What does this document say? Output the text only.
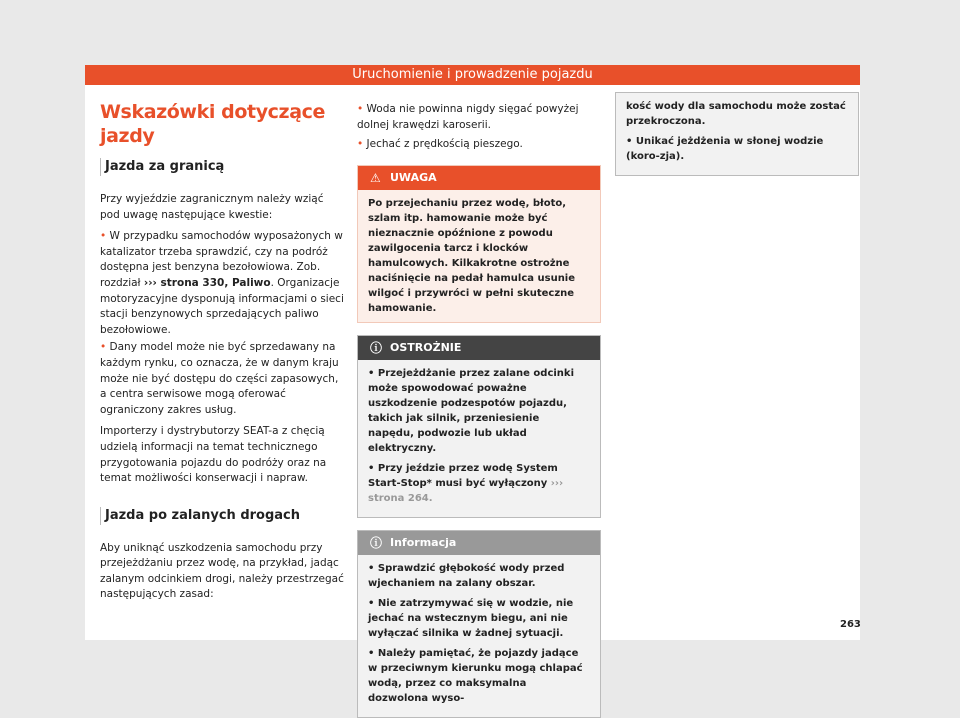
Uruchomienie i prowadzenie pojazdu
Wskazówki dotyczące jazdy
Jazda za granicą

Przy wyjeździe zagranicznym należy wziąć pod uwagę następujące kwestie:

• W przypadku samochodów wyposażonych w katalizator trzeba sprawdzić, czy na podróż dostępna jest benzyna bezołowiowa. Zob. rozdział ››› strona 330, Paliwo. Organizacje motoryzacyjne dysponują informacjami o sieci stacji benzynowych sprzedających paliwo bezołowiowe.

• Dany model może nie być sprzedawany na każdym rynku, co oznacza, że w danym kraju może nie być dostępu do części zapasowych, a centra serwisowe mogą oferować ograniczony zakres usług.

Importerzy i dystrybutorzy SEAT-a z chęcią udzielą informacji na temat technicznego przygotowania pojazdu do podróży oraz na temat możliwości konserwacji i napraw.

Jazda po zalanych drogach

Aby uniknąć uszkodzenia samochodu przy przejeżdżaniu przez wodę, na przykład, jadąc zalanym odcinkiem drogi, należy przestrzegać następujących zasad:

• Woda nie powinna nigdy sięgać powyżej dolnej krawędzi karoserii.

• Jechać z prędkością pieszego.

⚠ UWAGA
Po przejechaniu przez wodę, błoto, szlam itp. hamowanie może być nieznacznie opóźnione z powodu zawilgocenia tarcz i klocków hamulcowych. Kilkakrotne ostrożne naciśnięcie na pedał hamulca usunie wilgoć i przywróci w pełni skuteczne hamowanie.
ⓘ OSTROŻNIE

• Przejeżdżanie przez zalane odcinki może spowodować poważne uszkodzenie podzespotów pojazdu, takich jak silnik, przeniesienie napędu, podwozie lub układ elektryczny.

• Przy jeździe przez wodę System Start-Stop* musi być wyłączony ››› strona 264.

ⓘ Informacja

• Sprawdzić głębokość wody przed wjechaniem na zalany obszar.

• Nie zatrzymywać się w wodzie, nie jechać na wstecznym biegu, ani nie wyłączać silnika w żadnej sytuacji.

• Należy pamiętać, że pojazdy jadące w przeciwnym kierunku mogą chlapać wodą, przez co maksymalna dozwolona wyso-

kość wody dla samochodu może zostać przekroczona.

• Unikać jeżdżenia w słonej wodzie (koro-zja).

263
